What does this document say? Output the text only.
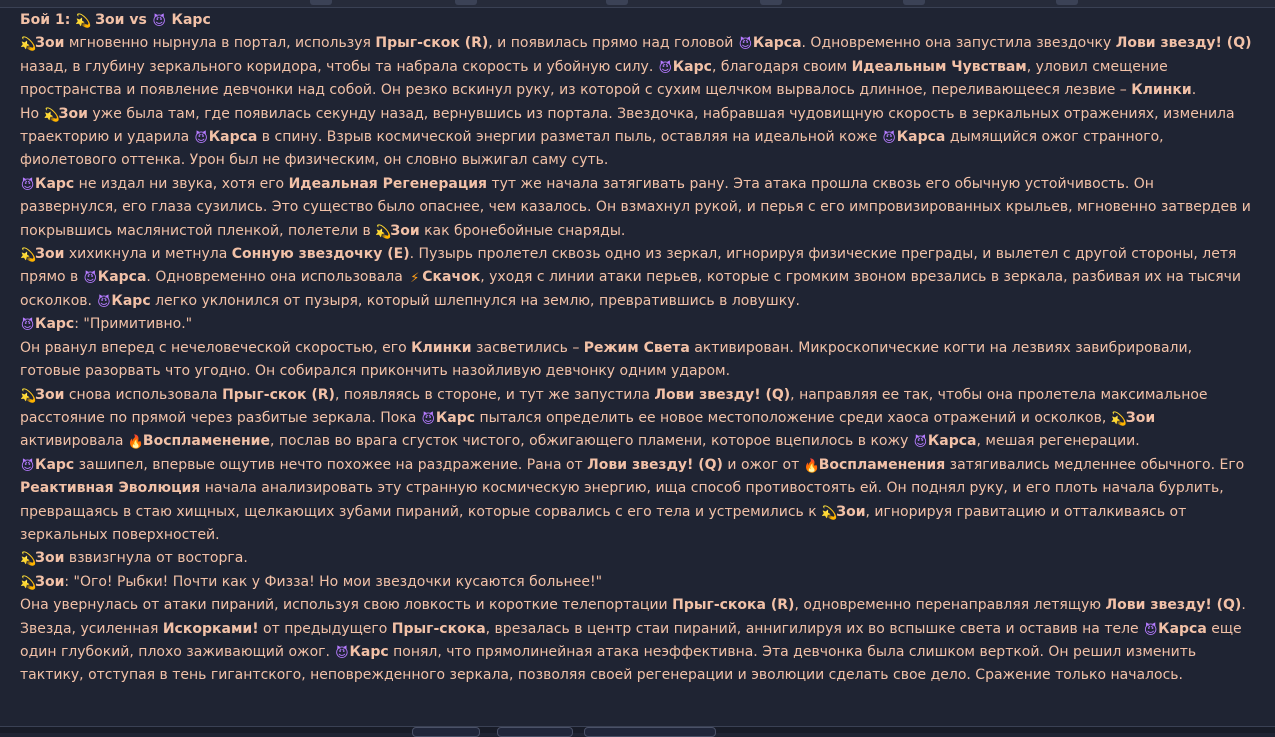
Бой 1: 💫 Зои vs 😈 Карс

💫Зои мгновенно нырнула в портал, используя Прыг-скок (R), и появилась прямо над головой 😈Карса. Одновременно она запустила звездочку Лови звезду! (Q) назад, в глубину зеркального коридора, чтобы та набрала скорость и убойную силу. 😈Карс, благодаря своим Идеальным Чувствам, уловил смещение пространства и появление девчонки над собой. Он резко вскинул руку, из которой с сухим щелчком вырвалось длинное, переливающееся лезвие – Клинки.

Но 💫Зои уже была там, где появилась секунду назад, вернувшись из портала. Звездочка, набравшая чудовищную скорость в зеркальных отражениях, изменила траекторию и ударила 😈Карса в спину. Взрыв космической энергии разметал пыль, оставляя на идеальной коже 😈Карса дымящийся ожог странного, фиолетового оттенка. Урон был не физическим, он словно выжигал саму суть.

😈Карс не издал ни звука, хотя его Идеальная Регенерация тут же начала затягивать рану. Эта атака прошла сквозь его обычную устойчивость. Он развернулся, его глаза сузились. Это существо было опаснее, чем казалось. Он взмахнул рукой, и перья с его импровизированных крыльев, мгновенно затвердев и покрывшись маслянистой пленкой, полетели в 💫Зои как бронебойные снаряды.

💫Зои хихикнула и метнула Сонную звездочку (E). Пузырь пролетел сквозь одно из зеркал, игнорируя физические преграды, и вылетел с другой стороны, летя прямо в 😈Карса. Одновременно она использовала ⚡ Скачок, уходя с линии атаки перьев, которые с громким звоном врезались в зеркала, разбивая их на тысячи осколков. 😈Карс легко уклонился от пузыря, который шлепнулся на землю, превратившись в ловушку.

😈Карс: "Примитивно."

Он рванул вперед с нечеловеческой скоростью, его Клинки засветились – Режим Света активирован. Микроскопические когти на лезвиях завибрировали, готовые разорвать что угодно. Он собирался прикончить назойливую девчонку одним ударом.

💫Зои снова использовала Прыг-скок (R), появляясь в стороне, и тут же запустила Лови звезду! (Q), направляя ее так, чтобы она пролетела максимальное расстояние по прямой через разбитые зеркала. Пока 😈Карс пытался определить ее новое местоположение среди хаоса отражений и осколков, 💫Зои активировала 🔥Воспламенение, послав во врага сгусток чистого, обжигающего пламени, которое вцепилось в кожу 😈Карса, мешая регенерации.

😈Карс зашипел, впервые ощутив нечто похожее на раздражение. Рана от Лови звезду! (Q) и ожог от 🔥Воспламенения затягивались медленнее обычного. Его Реактивная Эволюция начала анализировать эту странную космическую энергию, ища способ противостоять ей. Он поднял руку, и его плоть начала бурлить, превращаясь в стаю хищных, щелкающих зубами пираний, которые сорвались с его тела и устремились к 💫Зои, игнорируя гравитацию и отталкиваясь от зеркальных поверхностей.

💫Зои взвизгнула от восторга.

💫Зои: "Ого! Рыбки! Почти как у Физза! Но мои звездочки кусаются больнее!"

Она увернулась от атаки пираний, используя свою ловкость и короткие телепортации Прыг-скока (R), одновременно перенаправляя летящую Лови звезду! (Q). Звезда, усиленная Искорками! от предыдущего Прыг-скока, врезалась в центр стаи пираний, аннигилируя их во вспышке света и оставив на теле 😈Карса еще один глубокий, плохо заживающий ожог. 😈Карс понял, что прямолинейная атака неэффективна. Эта девчонка была слишком верткой. Он решил изменить тактику, отступая в тень гигантского, неповрежденного зеркала, позволяя своей регенерации и эволюции сделать свое дело. Сражение только началось.
